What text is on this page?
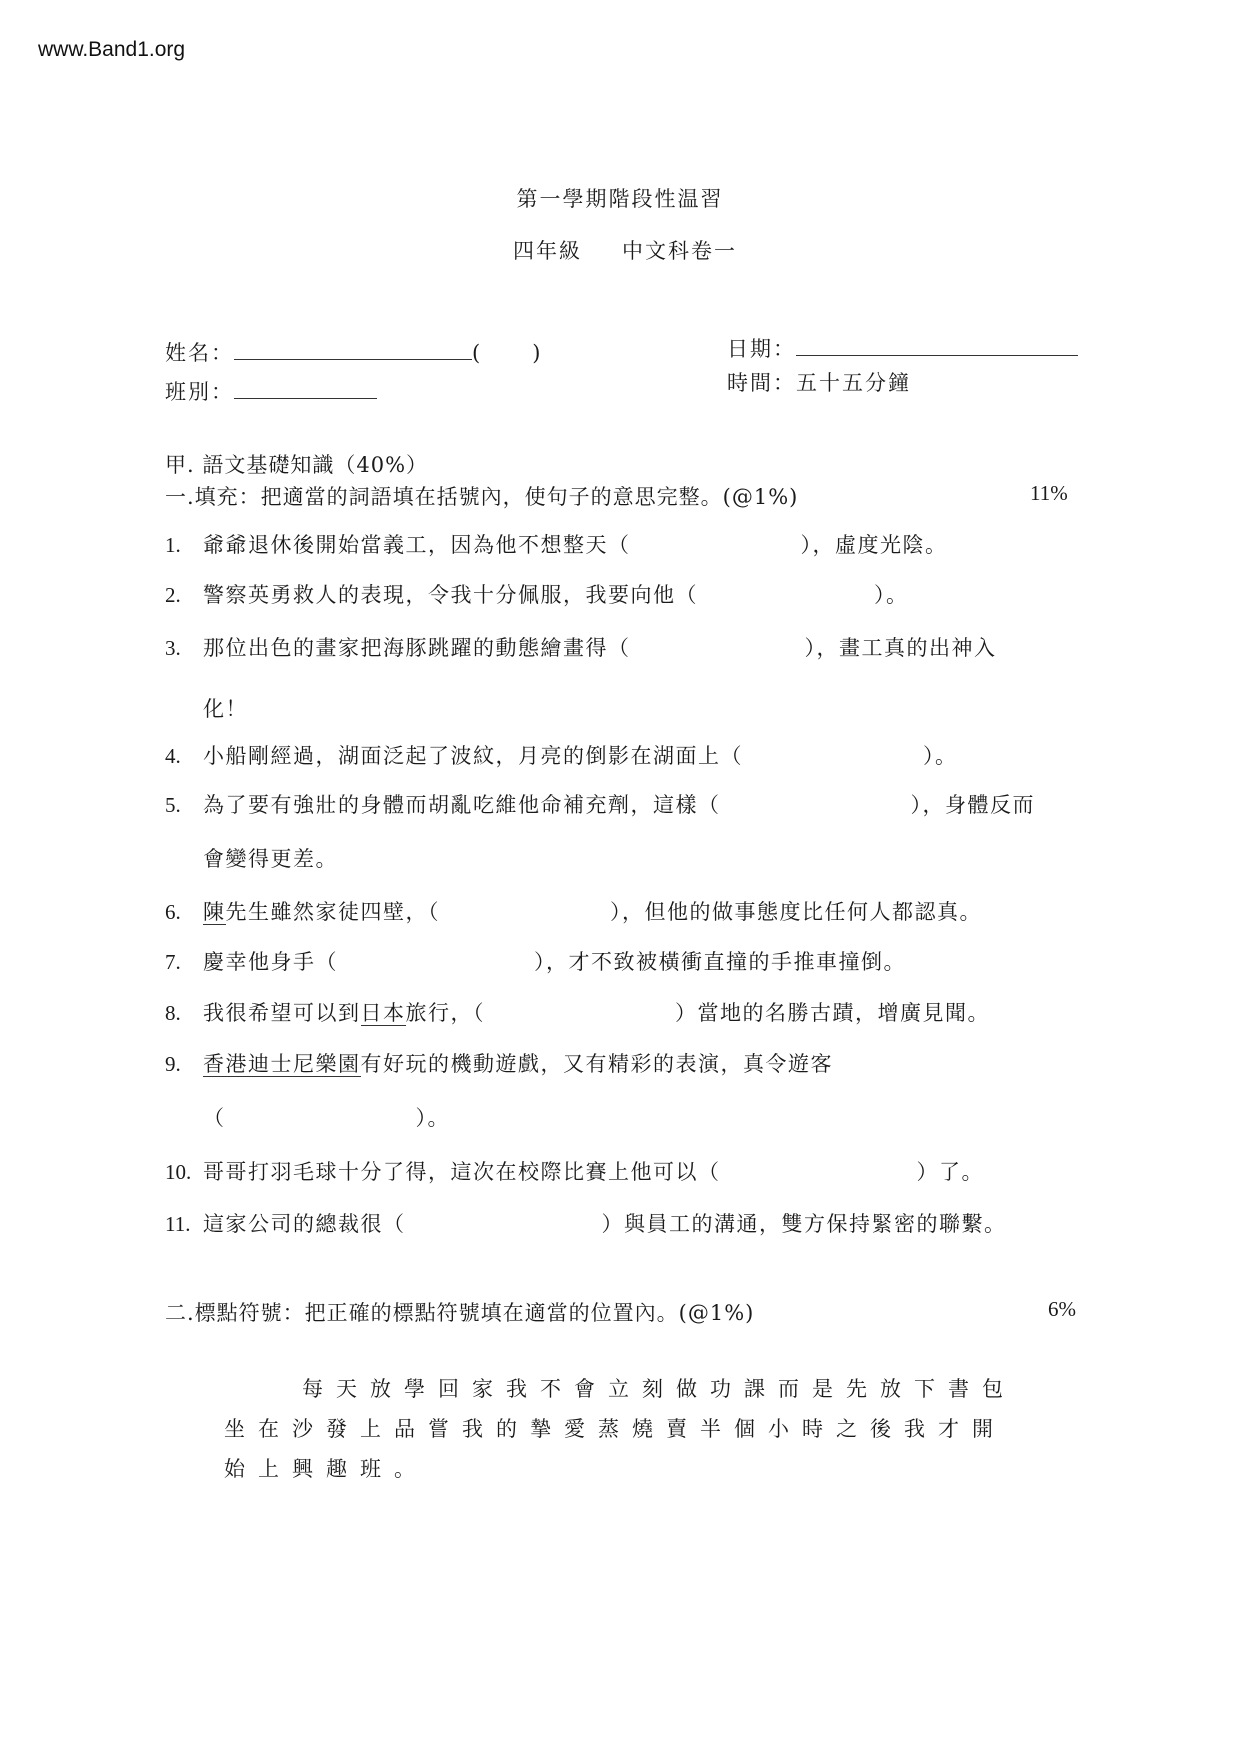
www.Band1.org
第一學期階段性温習
四年級 中文科卷一
姓名：	( )
班別：
日期：
時間：五十五分鐘
甲. 語文基礎知識（40%）
一.填充：把適當的詞語填在括號內，使句子的意思完整。(@1%)	11%
1. 爺爺退休後開始當義工，因為他不想整天（	），虛度光陰。
2. 警察英勇救人的表現，令我十分佩服，我要向他（	）。
3. 那位出色的畫家把海豚跳躍的動態繪畫得（	），畫工真的出神入
化！
4. 小船剛經過，湖面泛起了波紋，月亮的倒影在湖面上（	）。
5. 為了要有強壯的身體而胡亂吃維他命補充劑，這樣（	），身體反而
會變得更差。
6. 陳先生雖然家徒四壁，（	），但他的做事態度比任何人都認真。
7. 慶幸他身手（	），才不致被橫衝直撞的手推車撞倒。
8. 我很希望可以到日本旅行，（	）當地的名勝古蹟，增廣見聞。
9. 香港迪士尼樂園有好玩的機動遊戲，又有精彩的表演，真令遊客
（	）。
10. 哥哥打羽毛球十分了得，這次在校際比賽上他可以（	）了。
11. 這家公司的總裁很（	）與員工的溝通，雙方保持緊密的聯繫。
二.標點符號：把正確的標點符號填在適當的位置內。(@1%)	6%
每天放學回家我不會立刻做功課而是先放下書包
坐在沙發上品嘗我的摯愛蒸燒賣半個小時之後我才開
始上興趣班。
